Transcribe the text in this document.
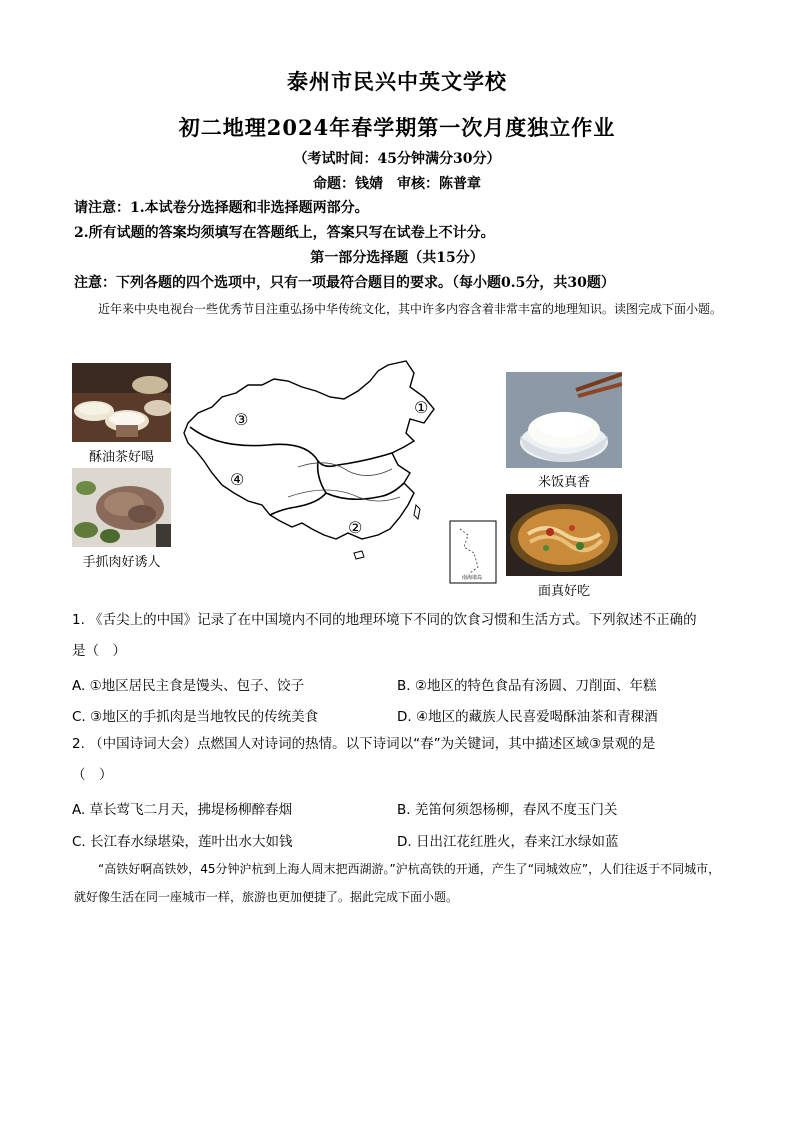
泰州市民兴中英文学校
初二地理2024年春学期第一次月度独立作业
（考试时间：45分钟满分30分）
命题：钱婧　审核：陈普章
请注意：1.本试卷分选择题和非选择题两部分。
2.所有试题的答案均须填写在答题纸上，答案只写在试卷上不计分。
第一部分选择题（共15分）
注意：下列各题的四个选项中，只有一项最符合题目的要求。（每小题0.5分，共30题）
近年来中央电视台一些优秀节目注重弘扬中华传统文化，其中许多内容含着非常丰富的地理知识。读图完成下面小题。
酥油茶好喝
手抓肉好诱人
米饭真香
面真好吃
①
②
③
④
南海诸岛
1. 《舌尖上的中国》记录了在中国境内不同的地理环境下不同的饮食习惯和生活方式。下列叙述不正确的
是（　）
A. ①地区居民主食是馒头、包子、饺子	B. ②地区的特色食品有汤圆、刀削面、年糕
C. ③地区的手抓肉是当地牧民的传统美食	D. ④地区的藏族人民喜爱喝酥油茶和青稞酒
2. （中国诗词大会）点燃国人对诗词的热情。以下诗词以“春”为关键词，其中描述区域③景观的是
（　）
A. 草长莺飞二月天，拂堤杨柳醉春烟	B. 羌笛何须怨杨柳，春风不度玉门关
C. 长江春水绿堪染，莲叶出水大如钱	D. 日出江花红胜火，春来江水绿如蓝
“高铁好啊高铁妙，45分钟沪杭到上海人周末把西湖游。”沪杭高铁的开通，产生了“同城效应”，人们往返于不同城市，就好像生活在同一座城市一样，旅游也更加便捷了。据此完成下面小题。
